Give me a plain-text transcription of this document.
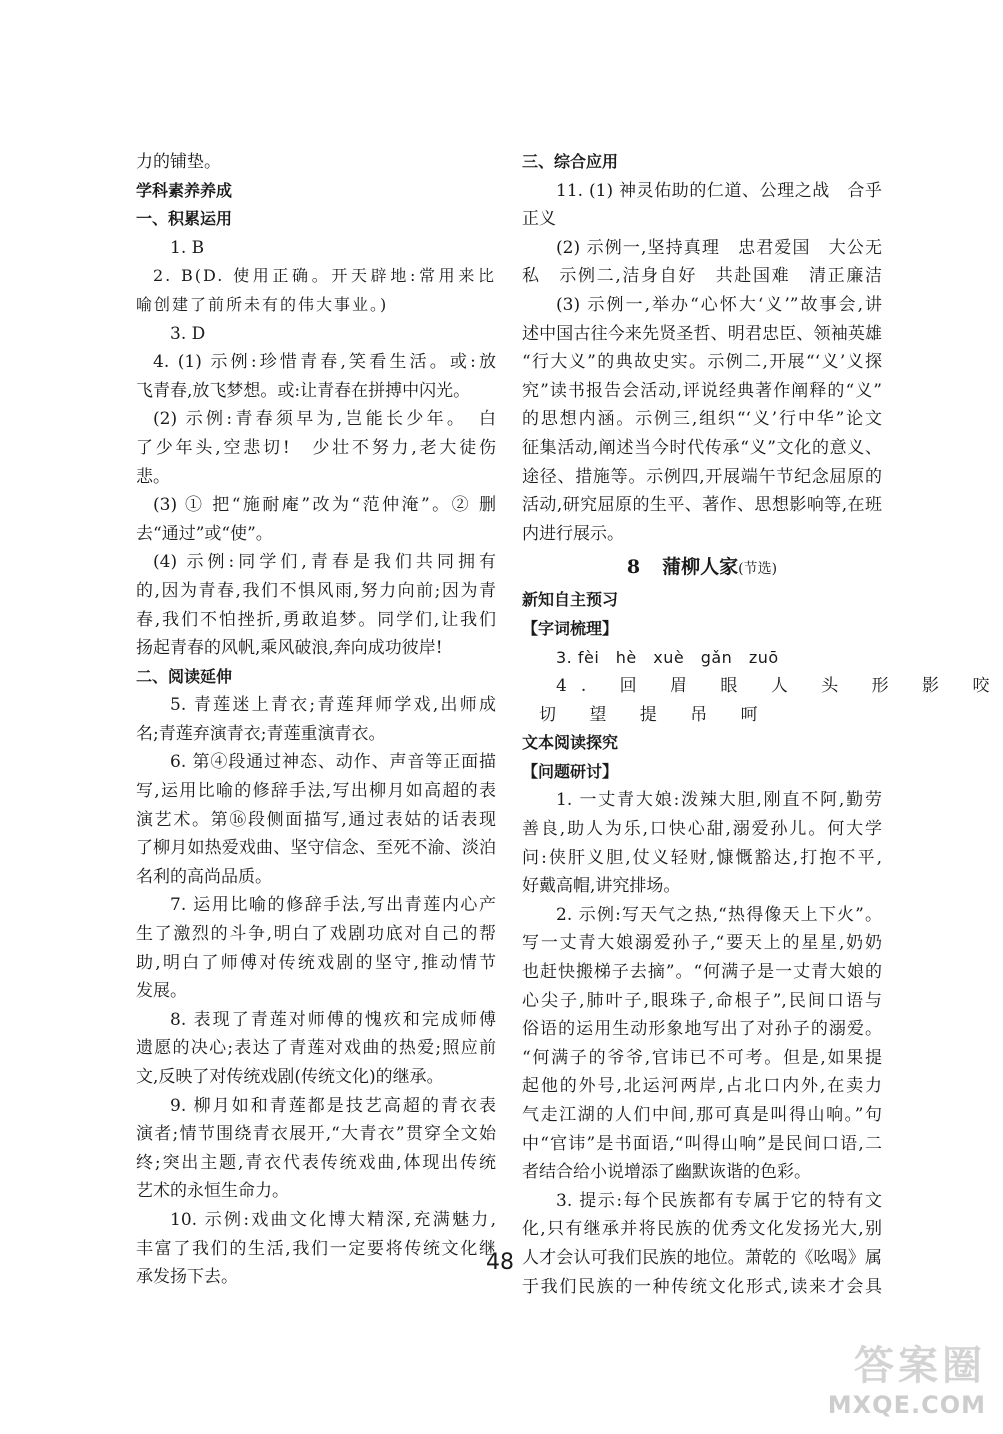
力的铺垫。
学科素养养成
一、积累运用
1. B
2. B(D. 使用正确。开天辟地:常用来比
喻创建了前所未有的伟大事业。)
3. D
4. (1) 示例:珍惜青春,笑看生活。或:放
飞青春,放飞梦想。或:让青春在拼搏中闪光。
(2) 示例:青春须早为,岂能长少年。　白
了少年头,空悲切!　少壮不努力,老大徒伤
悲。
(3) ① 把“施耐庵”改为“范仲淹”。② 删
去“通过”或“使”。
(4) 示例:同学们,青春是我们共同拥有
的,因为青春,我们不惧风雨,努力向前;因为青
春,我们不怕挫折,勇敢追梦。同学们,让我们
扬起青春的风帆,乘风破浪,奔向成功彼岸!
二、阅读延伸
5. 青莲迷上青衣;青莲拜师学戏,出师成
名;青莲弃演青衣;青莲重演青衣。
6. 第④段通过神态、动作、声音等正面描
写,运用比喻的修辞手法,写出柳月如高超的表
演艺术。第⑯段侧面描写,通过表姑的话表现
了柳月如热爱戏曲、坚守信念、至死不渝、淡泊
名利的高尚品质。
7. 运用比喻的修辞手法,写出青莲内心产
生了激烈的斗争,明白了戏剧功底对自己的帮
助,明白了师傅对传统戏剧的坚守,推动情节
发展。
8. 表现了青莲对师傅的愧疚和完成师傅
遗愿的决心;表达了青莲对戏曲的热爱;照应前
文,反映了对传统戏剧(传统文化)的继承。
9. 柳月如和青莲都是技艺高超的青衣表
演者;情节围绕青衣展开,“大青衣”贯穿全文始
终;突出主题,青衣代表传统戏曲,体现出传统
艺术的永恒生命力。
10. 示例:戏曲文化博大精深,充满魅力,
丰富了我们的生活,我们一定要将传统文化继
承发扬下去。
三、综合应用
11. (1) 神灵佑助的仁道、公理之战　合乎
正义
(2) 示例一,坚持真理　忠君爱国　大公无
私　示例二,洁身自好　共赴国难　清正廉洁
(3) 示例一,举办“心怀大‘义’”故事会,讲
述中国古往今来先贤圣哲、明君忠臣、领袖英雄
“行大义”的典故史实。示例二,开展“‘义’义探
究”读书报告会活动,评说经典著作阐释的“义”
的思想内涵。示例三,组织“‘义’行中华”论文
征集活动,阐述当今时代传承“义”文化的意义、
途径、措施等。示例四,开展端午节纪念屈原的
活动,研究屈原的生平、著作、思想影响等,在班
内进行展示。
8 蒲柳人家(节选)
新知自主预习
【字词梳理】
3. fèi　hè　xuè　gǎn　zuō
4. 回 眉 眼 人 头 形 影 咬
切 望 提 吊 呵
文本阅读探究
【问题研讨】
1. 一丈青大娘:泼辣大胆,刚直不阿,勤劳
善良,助人为乐,口快心甜,溺爱孙儿。何大学
问:侠肝义胆,仗义轻财,慷慨豁达,打抱不平,
好戴高帽,讲究排场。
2. 示例:写天气之热,“热得像天上下火”。
写一丈青大娘溺爱孙子,“要天上的星星,奶奶
也赶快搬梯子去摘”。“何满子是一丈青大娘的
心尖子,肺叶子,眼珠子,命根子”,民间口语与
俗语的运用生动形象地写出了对孙子的溺爱。
“何满子的爷爷,官讳已不可考。但是,如果提
起他的外号,北运河两岸,占北口内外,在卖力
气走江湖的人们中间,那可真是叫得山响。”句
中“官讳”是书面语,“叫得山响”是民间口语,二
者结合给小说增添了幽默诙谐的色彩。
3. 提示:每个民族都有专属于它的特有文
化,只有继承并将民族的优秀文化发扬光大,别
人才会认可我们民族的地位。萧乾的《吆喝》属
于我们民族的一种传统文化形式,读来才会具
48
答案圈
MXQE.COM
